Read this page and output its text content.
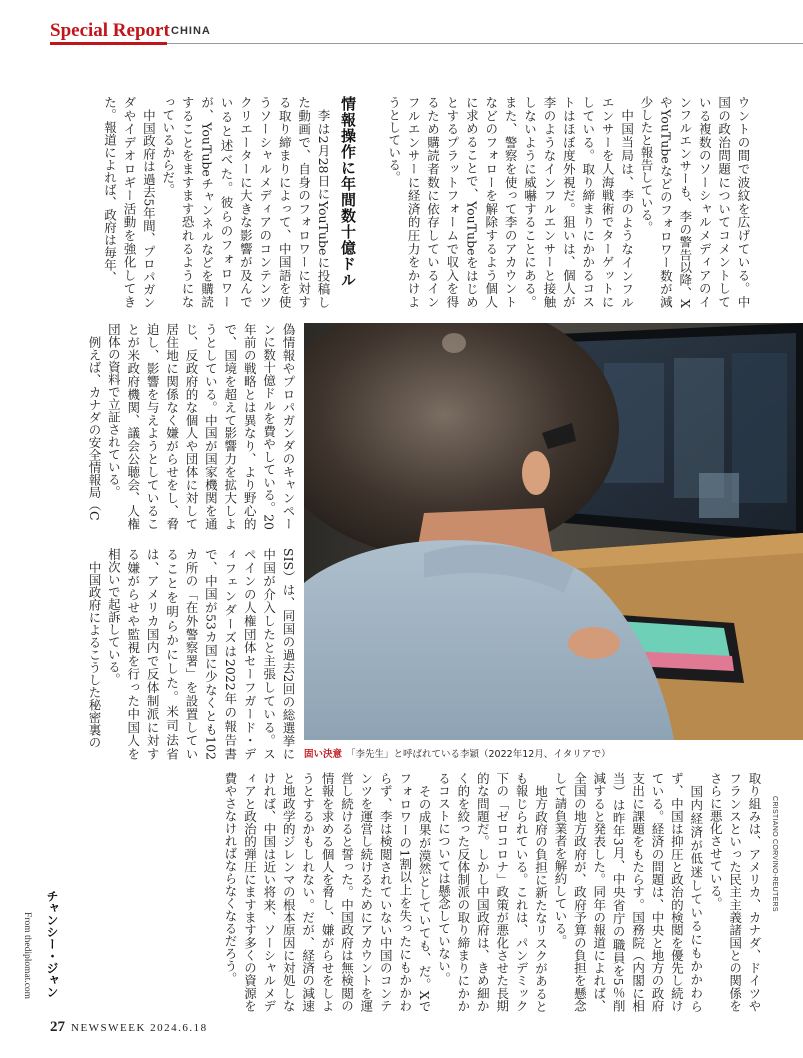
Special Report CHINA

ウントの間で波紋を広げている。中国の政治問題についてコメントしている複数のソーシャルメディアのインフルエンサーも、李の警告以降、XやYouTubeなどのフォロワー数が減少したと報告している。

中国当局は、李のようなインフルエンサーを人海戦術でターゲットにしている。取り締まりにかかるコストはほぼ度外視だ。狙いは、個人が李のようなインフルエンサーと接触しないように威嚇することにある。また、警察を使って李のアカウントなどのフォローを解除するよう個人に求めることで、YouTubeをはじめとするプラットフォームで収入を得るため購読者数に依存しているインフルエンサーに経済的圧力をかけようとしている。

情報操作に年間数十億ドル

李は2月28日にYouTubeに投稿した動画で、自身のフォロワーに対する取り締まりによって、中国語を使うソーシャルメディアのコンテンツクリエーターに大きな影響が及んでいると述べた。彼らのフォロワーが、YouTubeチャンネルなどを購読することをますます恐れるようになっているからだ。

中国政府は過去5年間、プロパガンダやイデオロギー活動を強化してきた。報道によれば、政府は毎年、

偽情報やプロパガンダのキャンペーンに数十億ドルを費やしている。20年前の戦略とは異なり、より野心的で、国境を超えて影響力を拡大しようとしている。中国が国家機関を通じ、反政府的な個人や団体に対して居住地に関係なく嫌がらせをし、脅迫し、影響を与えようとしていることが米政府機関、議会公聴会、人権団体の資料で立証されている。

例えば、カナダの安全情報局（C

SIS）は、同国の過去2回の総選挙に中国が介入したと主張している。スペインの人権団体セーフガード・ディフェンダーズは2022年の報告書で、中国が53カ国に少なくとも102カ所の「在外警察署」を設置していることを明らかにした。米司法省は、アメリカ国内で反体制派に対する嫌がらせや監視を行った中国人を相次いで起訴している。

中国政府によるこうした秘密裏の

固い決意 「李先生」と呼ばれている李穎（2022年12月、イタリアで）
CRISTIANO CORVINO-REUTERS

取り組みは、アメリカ、カナダ、ドイツやフランスといった民主主義諸国との関係をさらに悪化させている。

国内経済が低迷しているにもかかわらず、中国は抑圧と政治的検閲を優先し続けている。経済の問題は、中央と地方の政府支出に課題をもたらす。国務院（内閣に相当）は昨年3月、中央省庁の職員を5％削減すると発表した。同年の報道によれば、全国の地方政府が、政府予算の負担を懸念して請負業者を解約している。

地方政府の負担に新たなリスクがあるとも報じられている。これは、パンデミック下の「ゼロコロナ」政策が悪化させた長期的な問題だ。しかし中国政府は、きめ細かく的を絞った反体制派の取り締まりにかかるコストについては懸念していない。

その成果が漠然としていても、だ。Xでフォロワーの1割以上を失ったにもかかわらず、李は検閲されていない中国のコンテンツを運営し続けるためにアカウントを運営し続けると誓った。中国政府は無検閲の情報を求める個人を脅し、嫌がらせをしようとするかもしれない。だが、経済の減速と地政学的ジレンマの根本原因に対処しなければ、中国は近い将来、ソーシャルメディアと政治的弾圧にますます多くの資源を費やさなければならなくなるだろう。

チャンシー・ジャン
From thediplomat.com
27 NEWSWEEK 2024.6.18
